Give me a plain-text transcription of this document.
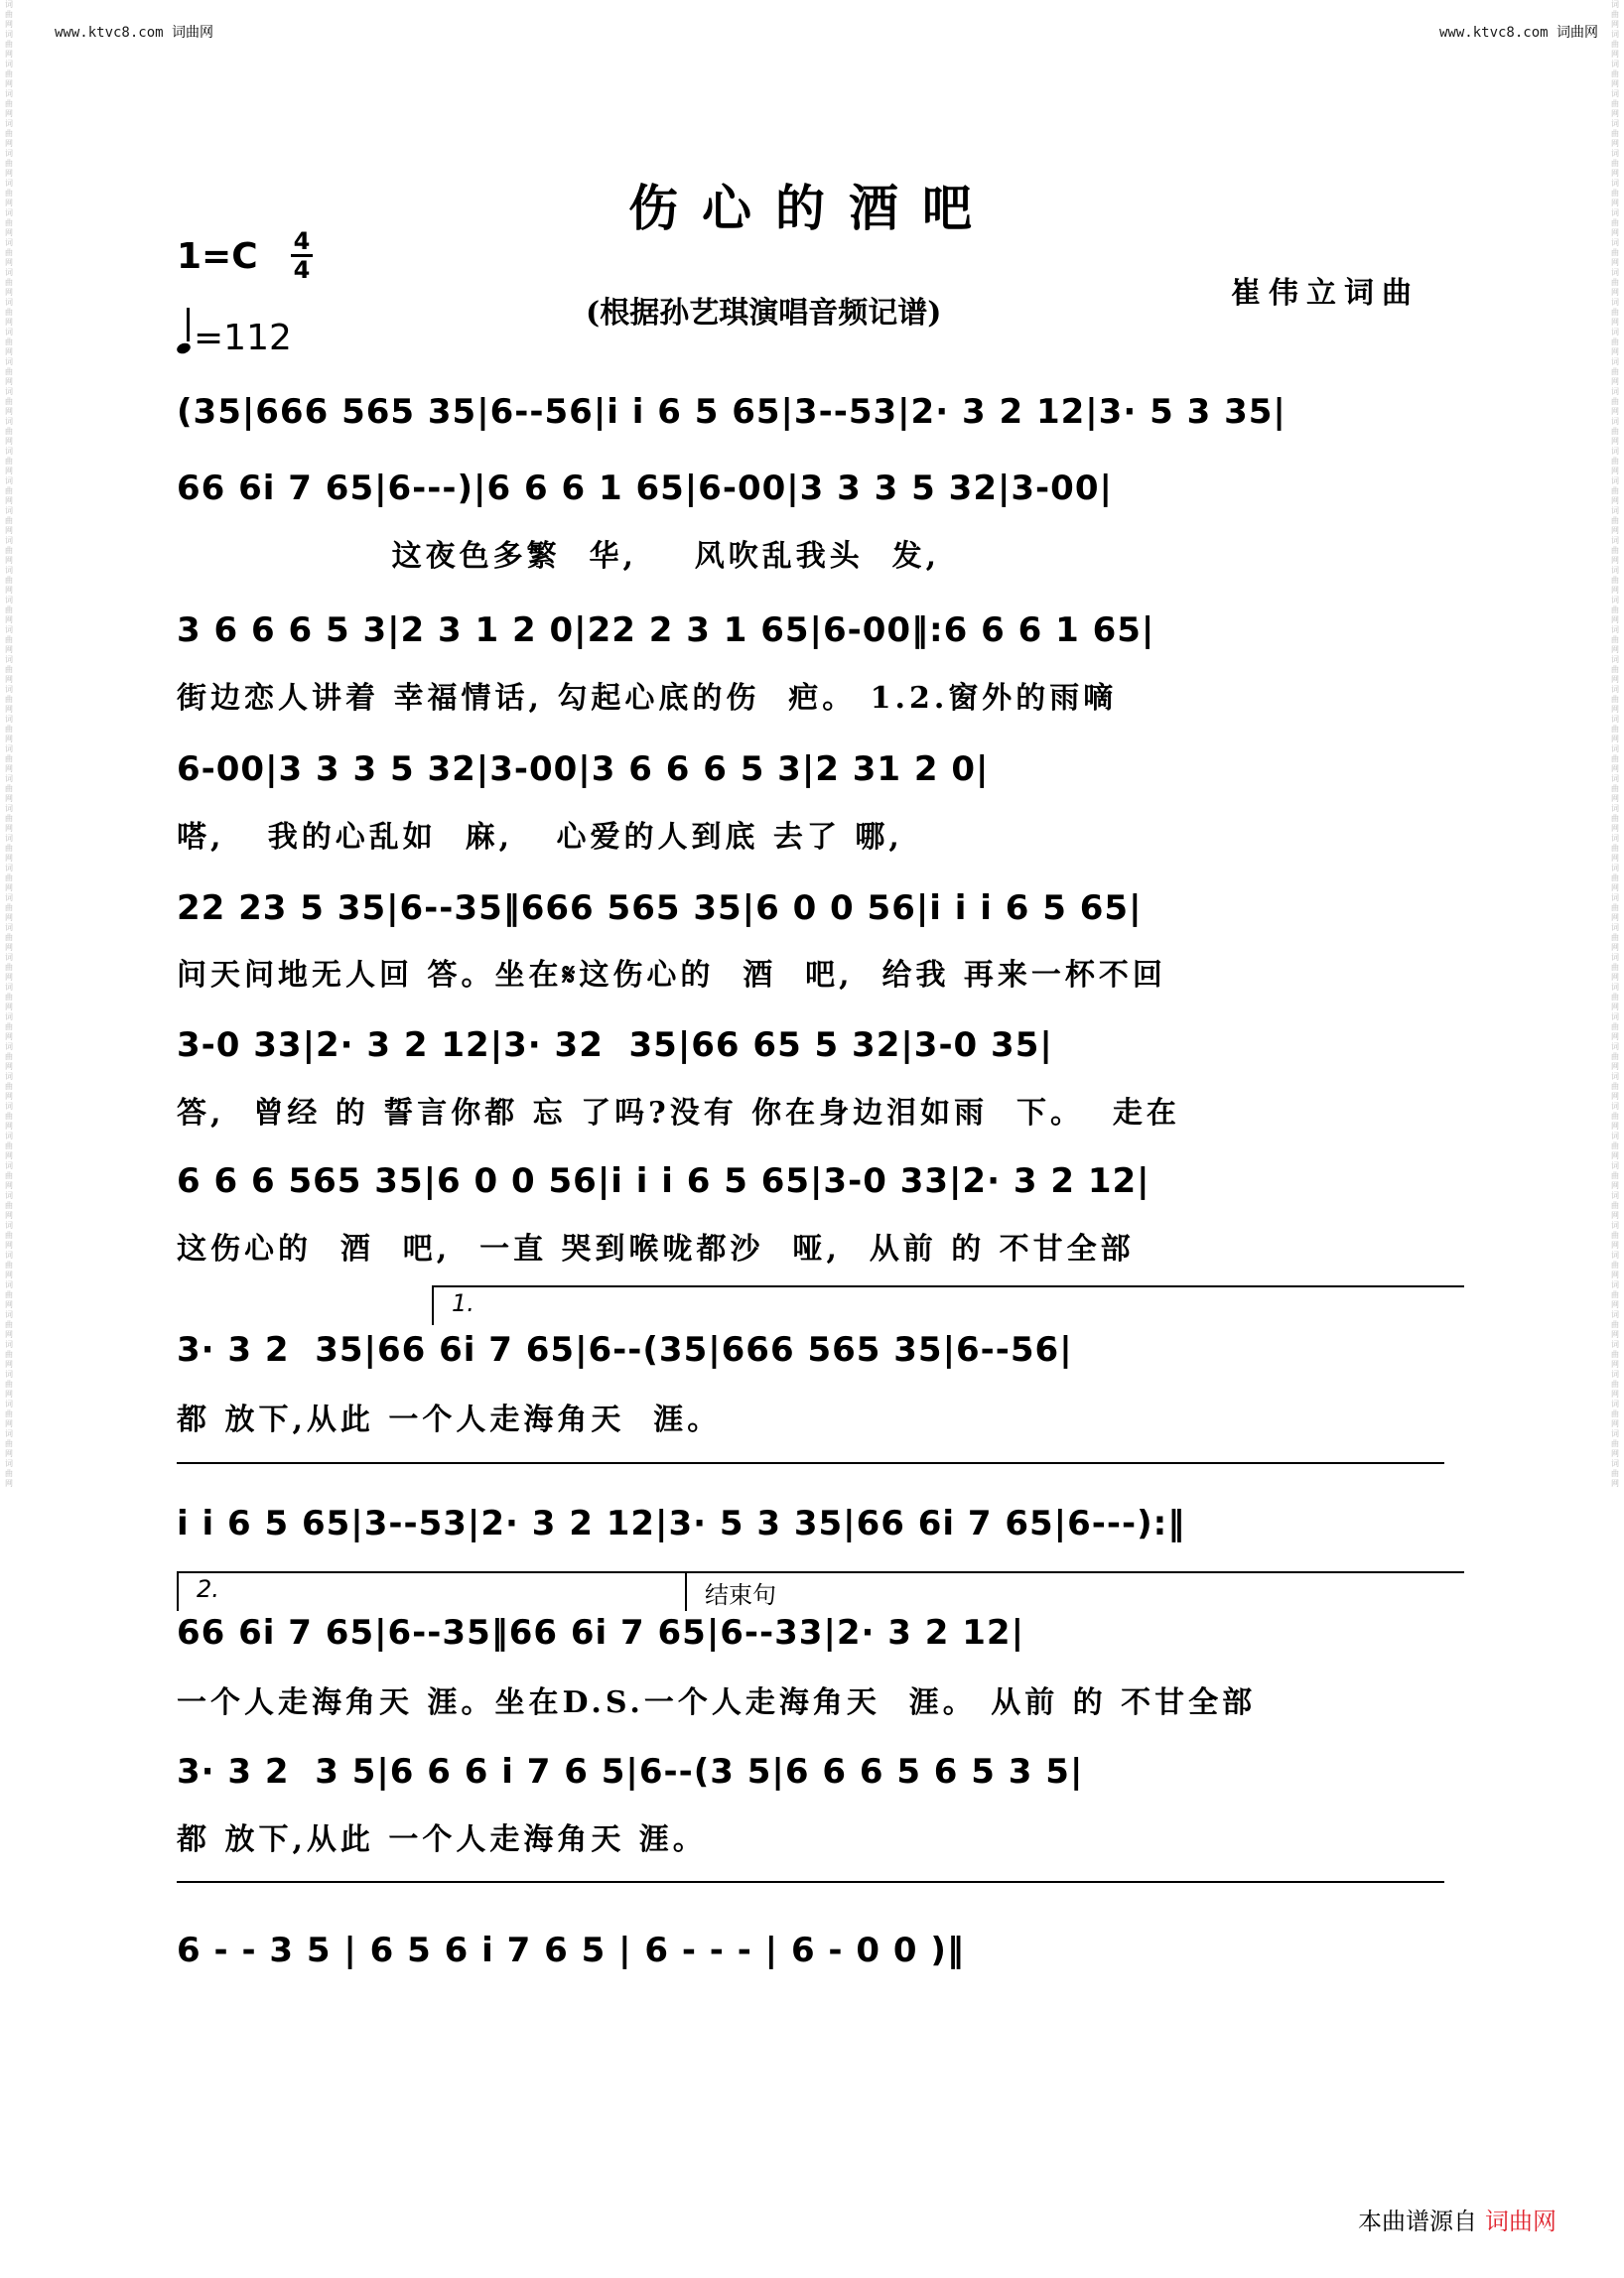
www.ktvc8.com 词曲网	www.ktvc8.com 词曲网
词曲网词曲网词曲网词曲网词曲网词曲网词曲网词曲网词曲网词曲网词曲网词曲网词曲网词曲网词曲网词曲网词曲网词曲网词曲网词曲网词曲网词曲网词曲网词曲网词曲网词曲网词曲网词曲网词曲网词曲网词曲网词曲网词曲网词曲网词曲网词曲网词曲网词曲网词曲网词曲网词曲网词曲网词曲网词曲网词曲网词曲网词曲网词曲网词曲网词曲网
词曲网词曲网词曲网词曲网词曲网词曲网词曲网词曲网词曲网词曲网词曲网词曲网词曲网词曲网词曲网词曲网词曲网词曲网词曲网词曲网词曲网词曲网词曲网词曲网词曲网词曲网词曲网词曲网词曲网词曲网词曲网词曲网词曲网词曲网词曲网词曲网词曲网词曲网词曲网词曲网词曲网词曲网词曲网词曲网词曲网词曲网词曲网词曲网词曲网词曲网
伤心的酒吧
1=C 4
4
(根据孙艺琪演唱音频记谱)
崔伟立词曲
=112
(35|666 565 35|6--56|i i 6 5 65|3--53|2· 3 2 12|3· 5 3 35|
66 6i 7 65|6---)|6 6 6 1 65|6-00|3 3 3 5 32|3-00|
这夜色多繁  华,    风吹乱我头  发,
3 6 6 6 5 3|2 3 1 2 0|22 2 3 1 65|6-00‖:6 6 6 1 65|
街边恋人讲着 幸福情话, 勾起心底的伤  疤。 1.2.窗外的雨嘀
6-00|3 3 3 5 32|3-00|3 6 6 6 5 3|2 31 2 0|
嗒,   我的心乱如  麻,   心爱的人到底 去了 哪,
22 23 5 35|6--35‖666 565 35|6 0 0 56|i i i 6 5 65|
问天问地无人回 答。坐在𝄋这伤心的  酒  吧,  给我 再来一杯不回
3-0 33|2· 3 2 12|3· 32  35|66 65 5 32|3-0 35|
答,  曾经 的 誓言你都 忘 了吗?没有 你在身边泪如雨  下。  走在
6 6 6 565 35|6 0 0 56|i i i 6 5 65|3-0 33|2· 3 2 12|
这伤心的  酒  吧,  一直 哭到喉咙都沙  哑,  从前 的 不甘全部
1.
3· 3 2  35|66 6i 7 65|6--(35|666 565 35|6--56|
都 放下,从此 一个人走海角天  涯。
i i 6 5 65|3--53|2· 3 2 12|3· 5 3 35|66 6i 7 65|6---):‖
2.	结束句
66 6i 7 65|6--35‖66 6i 7 65|6--33|2· 3 2 12|
一个人走海角天 涯。坐在D.S.一个人走海角天  涯。 从前 的 不甘全部
3· 3 2  3 5|6 6 6 i 7 6 5|6--(3 5|6 6 6 5 6 5 3 5|
都 放下,从此 一个人走海角天 涯。
6 - - 3 5 | 6 5 6 i 7 6 5 | 6 - - - | 6 - 0 0 )‖
本曲谱源自 词曲网
